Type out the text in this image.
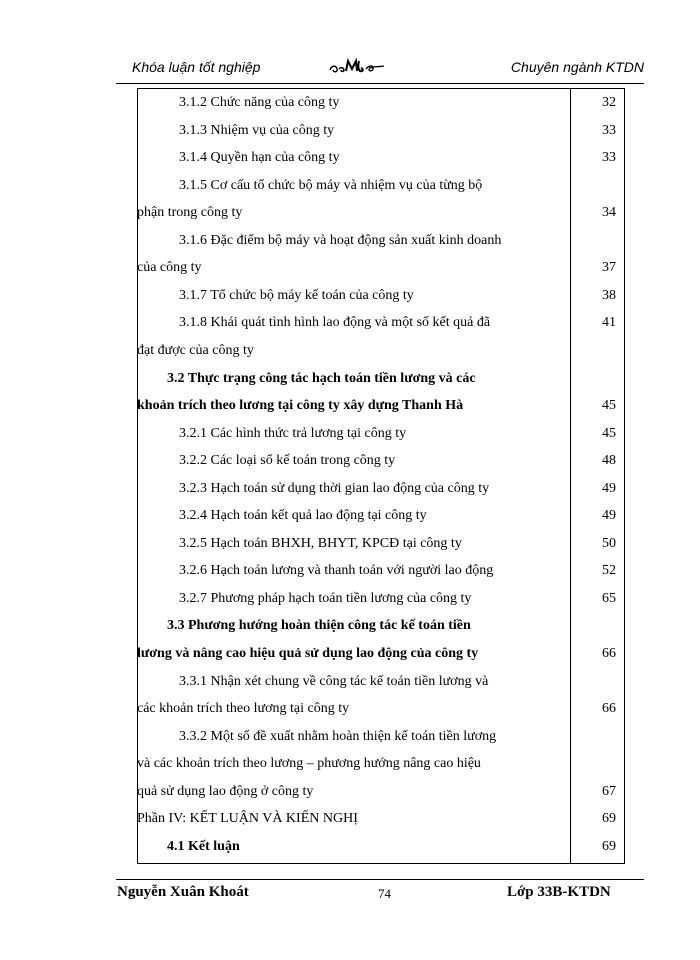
Khóa luận tốt nghiệp	Chuyên ngành KTDN
3.1.2 Chức năng của công ty	32
3.1.3 Nhiệm vụ của công ty	33
3.1.4 Quyền hạn của công ty	33
3.1.5 Cơ cấu tổ chức bộ máy và nhiệm vụ của từng bộ
phận trong công ty	34
3.1.6 Đặc điểm bộ máy và hoạt động sản xuất kinh doanh
của công ty	37
3.1.7 Tổ chức bộ máy kế toán của công ty	38
3.1.8 Khái quát tình hình lao động và một số kết quả đã	41
đạt được của công ty
3.2 Thực trạng công tác hạch toán tiền lương và các
khoản trích theo lương tại công ty xây dựng Thanh Hà	45
3.2.1 Các hình thức trả lương tại công ty	45
3.2.2 Các loại sổ kế toán trong công ty	48
3.2.3 Hạch toán sử dụng thời gian lao động của công ty	49
3.2.4 Hạch toán kết quả lao động tại công ty	49
3.2.5 Hạch toán BHXH, BHYT, KPCĐ tại công ty	50
3.2.6 Hạch toán lương và thanh toán với người lao động	52
3.2.7 Phương pháp hạch toán tiền lương của công ty	65
3.3 Phương hướng hoàn thiện công tác kế toán tiền
lương và nâng cao hiệu quả sử dụng lao động của công ty	66
3.3.1 Nhận xét chung về công tác kế toán tiền lương và
các khoản trích theo lương tại công ty	66
3.3.2 Một số đề xuất nhằm hoàn thiện kế toán tiền lương
và các khoản trích theo lương – phương hướng nâng cao hiệu
quả sử dụng lao động ở công ty	67
Phần IV: KẾT LUẬN VÀ KIẾN NGHỊ	69
4.1 Kết luận	69
Nguyễn Xuân Khoát	74	Lớp 33B-KTDN
